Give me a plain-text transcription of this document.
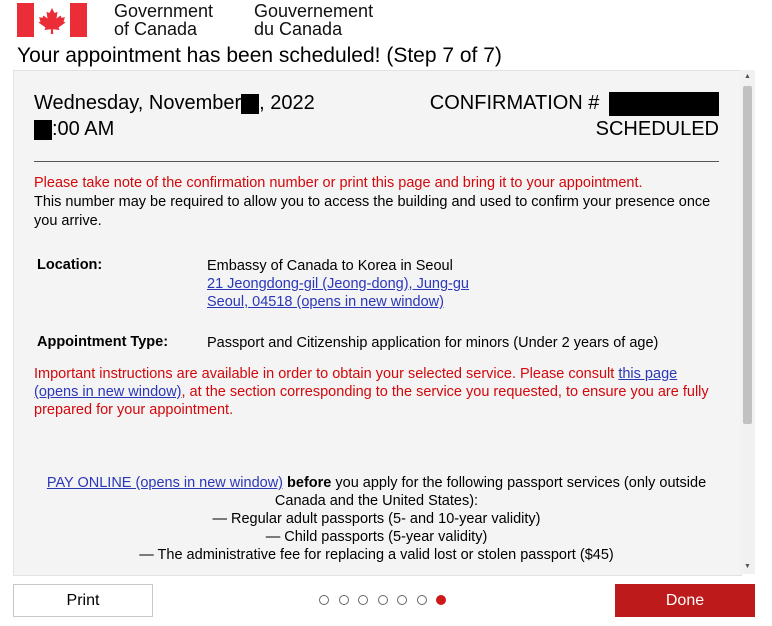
Government
of Canada
Gouvernement
du Canada
Your appointment has been scheduled! (Step 7 of 7)
Wednesday, November , 2022
:00 AM
CONFIRMATION #
SCHEDULED
Please take note of the confirmation number or print this page and bring it to your appointment.
This number may be required to allow you to access the building and used to confirm your presence once you arrive.
Location:	Embassy of Canada to Korea in Seoul
21 Jeongdong-gil (Jeong-dong), Jung-gu
Seoul, 04518 (opens in new window)
Appointment Type:	Passport and Citizenship application for minors (Under 2 years of age)
Important instructions are available in order to obtain your selected service. Please consult this page (opens in new window), at the section corresponding to the service you requested, to ensure you are fully prepared for your appointment.
PAY ONLINE (opens in new window) before you apply for the following passport services (only outside Canada and the United States):
— Regular adult passports (5- and 10-year validity)
— Child passports (5-year validity)
— The administrative fee for replacing a valid lost or stolen passport ($45)
▲
▼
Print	Done
